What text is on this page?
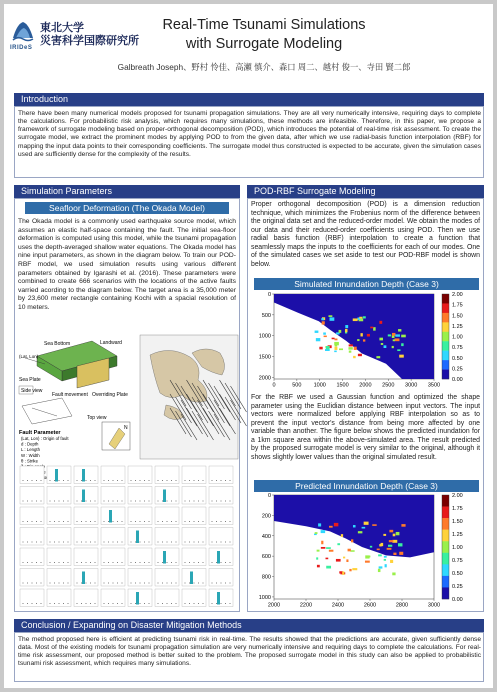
IRIDeS
東北大学
災害科学国際研究所
Real-Time Tsunami Simulations
with Surrogate Modeling
Galbreath Joseph、野村 怜佳、高瀬 慎介、森口 周二、越村 俊一、寺田 賢二郎
Introduction
There have been many numerical models proposed for tsunami propagation simulations. They are all very numerically intensive, requiring days to complete the calculations. For probabilistic risk analysis, which requires many simulations, these methods are infeasible. Therefore, in this paper, we propose a framework of surrogate modeling based on proper-orthogonal decomposition (POD), which introduces the potential of real-time risk assessment. To create the surrogate model, we extract the prominent modes by applying POD to from the given data, after which we use radial-basis function interpolation (RBF) for mapping the input data points to their corresponding coefficients. The surrogate model thus constructed is expected to be accurate, given the simulation cases used are sufficiently dense for the complexity of the results.
Simulation Parameters
Seafloor Deformation (The Okada Model)
The Okada model is a commonly used earthquake source model, which assumes an elastic half-space containing the fault. The initial sea-floor deformation is computed using this model, while the tsunami propagation uses the depth-averaged shallow water equations. The Okada model has nine input parameters, as shown in the diagram below. To train our POD-RBF model, we used simulation results using various different parameters obtained by Igarashi et al. (2016). These parameters were combined to create 666 scenarios with the locations of the active faults varried acording to the diagram below. The target area is a 35,000 meter by 23,600 meter rectangle containing Kochi with a spacial resolution of 10 meters.
Sea Bottom	Landward
(Lat, Lon)
Sea Plate
Overriding Plate
Side view
Fault movement
Fault Parameter
Top view
N
(Lat, Lon) : Origin of fault
d : Depth
L : Length
W : Width
θ : Strike
POD-RBF Surrogate Modeling
Proper orthogonal decomposition (POD) is a dimension reduction technique, which minimizes the Frobenius norm of the difference between the original data set and the reduced-order model. We obtain the modes of our data and their reduced-order coefficients using POD. Then we use radial basis function (RBF) interpolation to create a function that seamlessly maps the inputs to the coefficients for each of our modes. One of the simulated cases we set aside to test our POD-RBF model is shown below.
Simulated Innundation Depth (Case 3)
0	500 1000 1500 2000 2500 3000 3500
0
500
1000
1500
2000
2.00
1.75
1.50
1.25
1.00
0.75
0.50
0.25
0.00
For the RBF we used a Gaussian function and optimized the shape parameter using the Euclidian distance between input vectors. The input vectors were normalized before applying RBF interpolation so as to prevent the input vector's distance from being more affected by one variable than another. The figure below shows the predicted inundation for a 1km square area within the above-simulated area. The result predicted by the proposed surrogate model is very similar to the original, although it shows slightly lower values than the original simulated result.
Predicted Innundation Depth (Case 3)
2000	2200	2400	2600	2800	3000
0
200
400
600
800
1000
2.00
1.75
1.50
1.25
1.00
0.75
0.50
0.25
0.00
Conclusion / Expanding on Disaster Mitigation Methods
The method proposed here is efficient at predicting tsunami risk in real-time. The results showed that the predictions are accurate, given sufficiently dense data. Most of the existing models for tsunami propagation simulation are very numerically intensive and requiring days to complete the calculations. For real-time risk assessment, our proposed method is better suited to the problem. The proposed surrogate model in this study can also be applied to probabilistic tsunami risk assessment, which requires many simulations.
